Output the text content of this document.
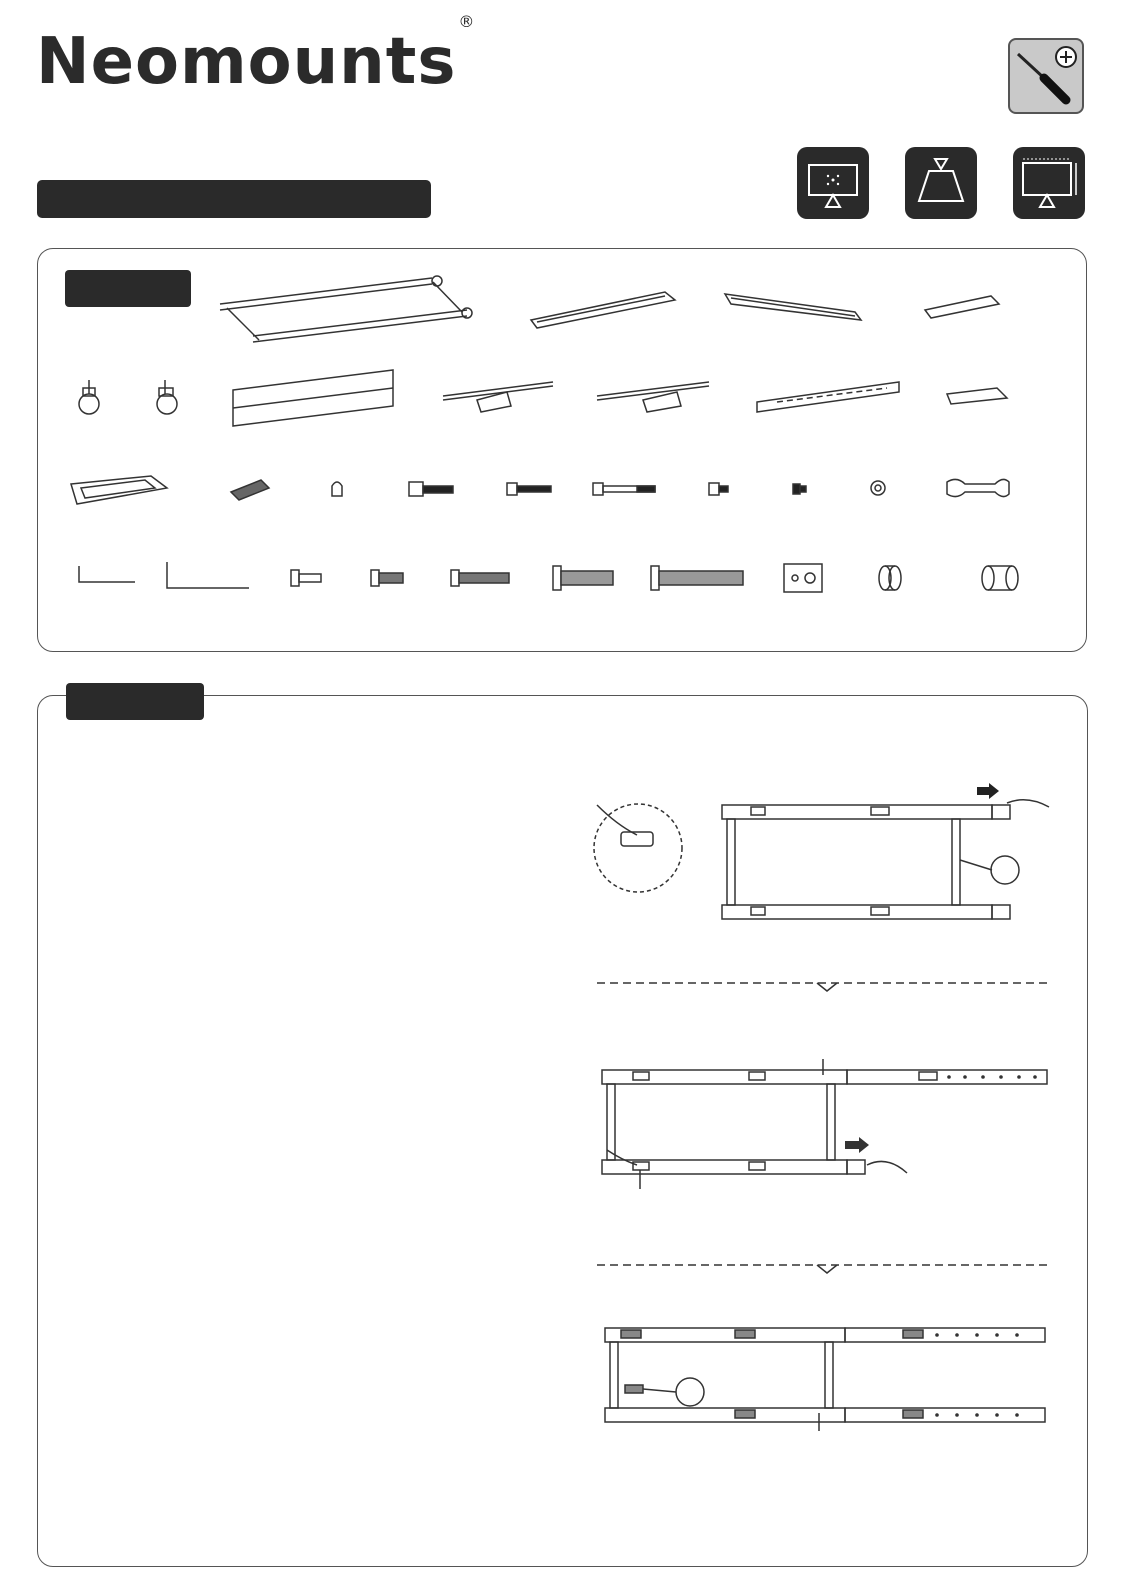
Neomounts®
